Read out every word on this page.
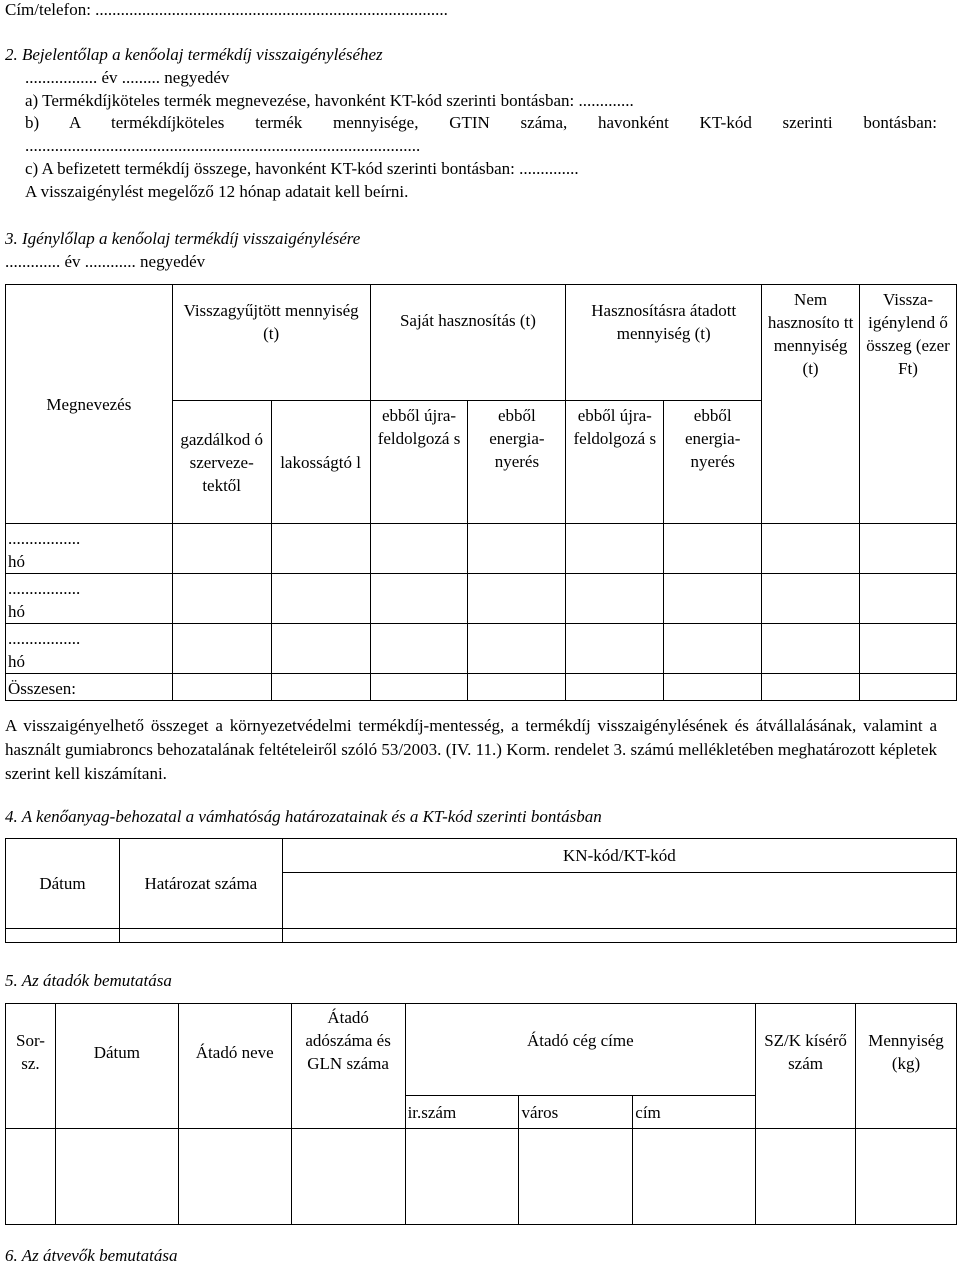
Cím/telefon: ...................................................................................
2. Bejelentőlap a kenőolaj termékdíj visszaigényléséhez
................. év ......... negyedév
a) Termékdíjköteles termék megnevezése, havonként KT-kód szerinti bontásban: .............
b) A termékdíjköteles termék mennyisége, GTIN száma, havonként KT-kód szerinti bontásban:
.............................................................................................
c) A befizetett termékdíj összege, havonként KT-kód szerinti bontásban: ..............
A visszaigénylést megelőző 12 hónap adatait kell beírni.
3. Igénylőlap a kenőolaj termékdíj visszaigénylésére
............. év ............ negyedév
Megnevezés	Visszagyűjtött mennyiség (t)		Saját hasznosítás (t)		Hasznosításra átadott mennyiség (t)		Nem hasznosíto tt mennyiség (t)	Vissza-igénylend ő összeg (ezer Ft)
	gazdálkod ó szerveze-tektől	lakosságtó l	ebből újra-feldolgozá s	ebből energia-nyerés	ebből újra-feldolgozá s	ebből energia-nyerés		

.................
hó								

.................
hó								

.................
hó								

Összesen:								
A visszaigényelhető összeget a környezetvédelmi termékdíj-mentesség, a termékdíj visszaigénylésének és átvállalásának, valamint a használt gumiabroncs behozatalának feltételeiről szóló 53/2003. (IV. 11.) Korm. rendelet 3. számú mellékletében meghatározott képletek szerint kell kiszámítani.
4. A kenőanyag-behozatal a vámhatóság határozatainak és a KT-kód szerinti bontásban
Dátum	Határozat száma	KN-kód/KT-kód

5. Az átadók bemutatása
Sor-sz.	Dátum	Átadó neve	Átadó adószáma és GLN száma	Átadó cég címe			SZ/K kísérő szám	Mennyiség (kg)
				ir.szám	város	cím		

6. Az átvevők bemutatása
